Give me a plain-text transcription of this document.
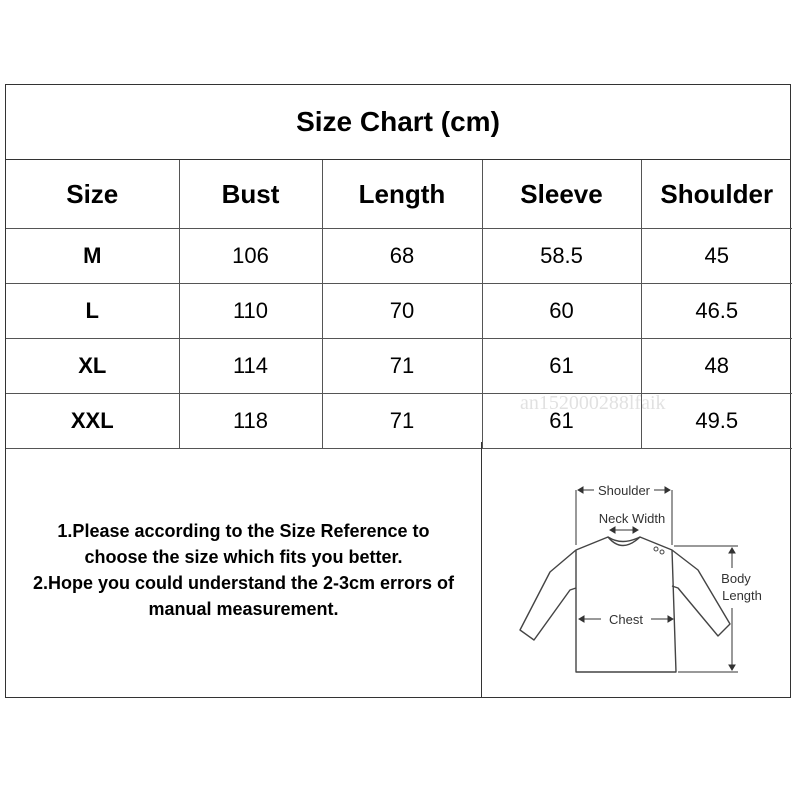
Size Chart (cm)
Size	Bust	Length	Sleeve	Shoulder
M	106	68	58.5	45
L	110	70	60	46.5
XL	114	71	61	48
XXL	118	71	61	49.5
1.Please according to the Size Reference to
choose the size which fits you better.
2.Hope you could understand the 2-3cm errors of
manual measurement.
Shoulder
Neck Width
Chest
Body
Length
an152000288lfaik
